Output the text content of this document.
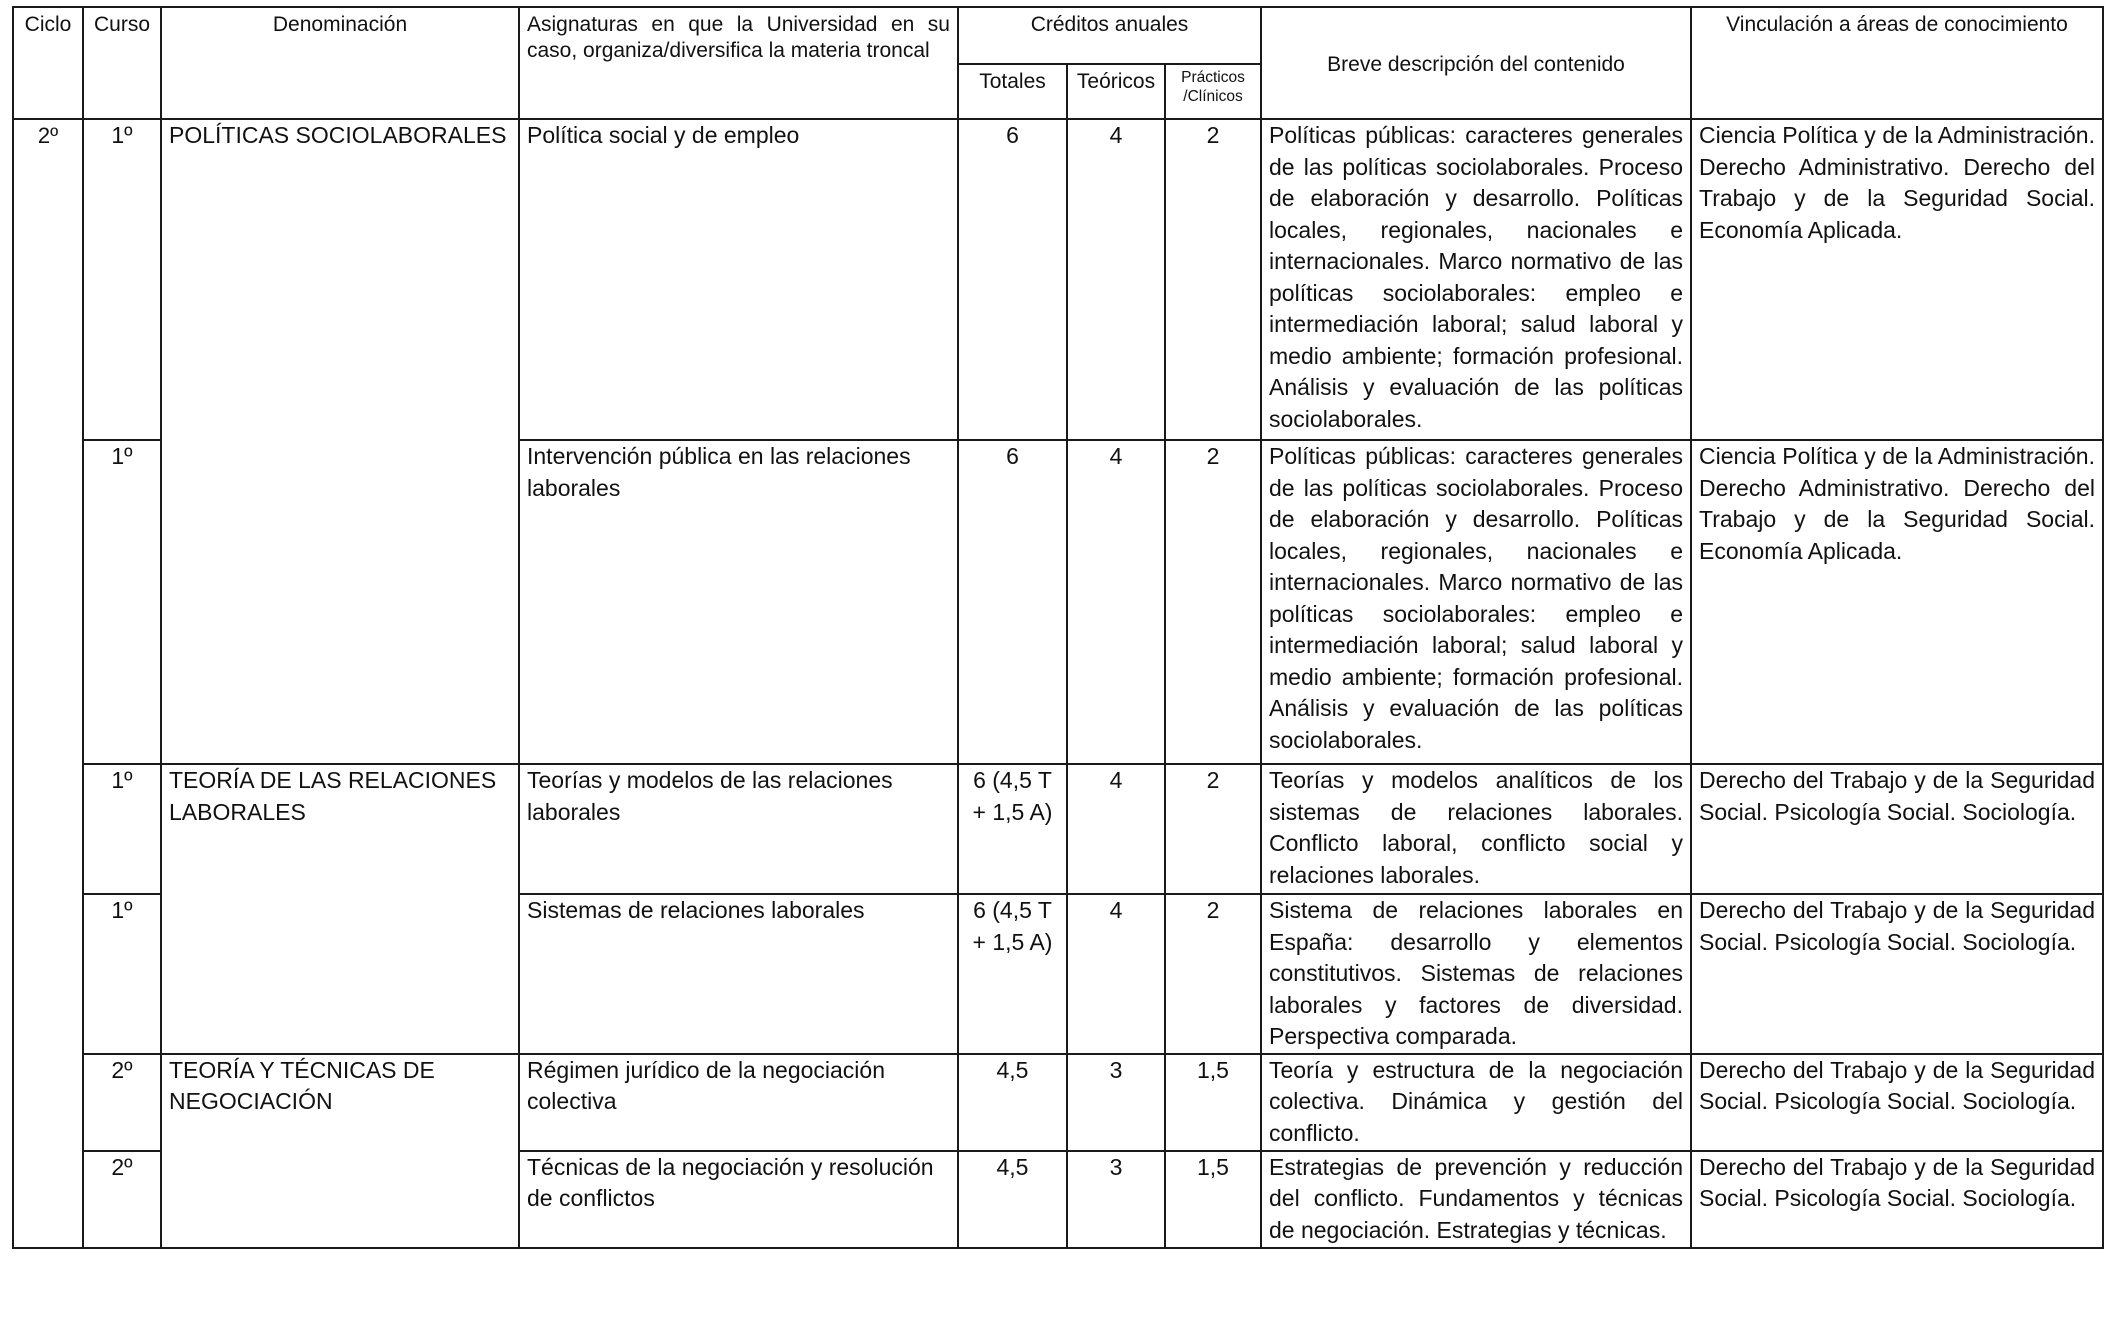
Ciclo	Curso	Denominación	Asignaturas en que la Universidad en su caso, organiza/diversifica la materia troncal	Créditos anuales			Breve descripción del contenido	Vinculación a áreas de conocimiento
				Totales	Teóricos	Prácticos /Clínicos		
2º	1º	POLÍTICAS SOCIOLABORALES	Política social y de empleo	6	4	2	Políticas públicas: caracteres generales de las políticas sociolaborales. Proceso de elaboración y desarrollo. Políticas locales, regionales, nacionales e internacionales. Marco normativo de las políticas sociolaborales: empleo e intermediación laboral; salud laboral y medio ambiente; formación profesional. Análisis y evaluación de las políticas sociolaborales.	Ciencia Política y de la Administración. Derecho Administrativo. Derecho del Trabajo y de la Seguridad Social. Economía Aplicada.
	1º		Intervención pública en las relaciones laborales	6	4	2	Políticas públicas: caracteres generales de las políticas sociolaborales. Proceso de elaboración y desarrollo. Políticas locales, regionales, nacionales e internacionales. Marco normativo de las políticas sociolaborales: empleo e intermediación laboral; salud laboral y medio ambiente; formación profesional. Análisis y evaluación de las políticas sociolaborales.	Ciencia Política y de la Administración. Derecho Administrativo. Derecho del Trabajo y de la Seguridad Social. Economía Aplicada.
	1º	TEORÍA DE LAS RELACIONES LABORALES	Teorías y modelos de las relaciones laborales	6 (4,5 T + 1,5 A)	4	2	Teorías y modelos analíticos de los sistemas de relaciones laborales. Conflicto laboral, conflicto social y relaciones laborales.	Derecho del Trabajo y de la Seguridad Social. Psicología Social. Sociología.
	1º		Sistemas de relaciones laborales	6 (4,5 T + 1,5 A)	4	2	Sistema de relaciones laborales en España: desarrollo y elementos constitutivos. Sistemas de relaciones laborales y factores de diversidad. Perspectiva comparada.	Derecho del Trabajo y de la Seguridad Social. Psicología Social. Sociología.
	2º	TEORÍA Y TÉCNICAS DE NEGOCIACIÓN	Régimen jurídico de la negociación colectiva	4,5	3	1,5	Teoría y estructura de la negociación colectiva. Dinámica y gestión del conflicto.	Derecho del Trabajo y de la Seguridad Social. Psicología Social. Sociología.
	2º		Técnicas de la negociación y resolución de conflictos	4,5	3	1,5	Estrategias de prevención y reducción del conflicto. Fundamentos y técnicas de negociación. Estrategias y técnicas.	Derecho del Trabajo y de la Seguridad Social. Psicología Social. Sociología.
